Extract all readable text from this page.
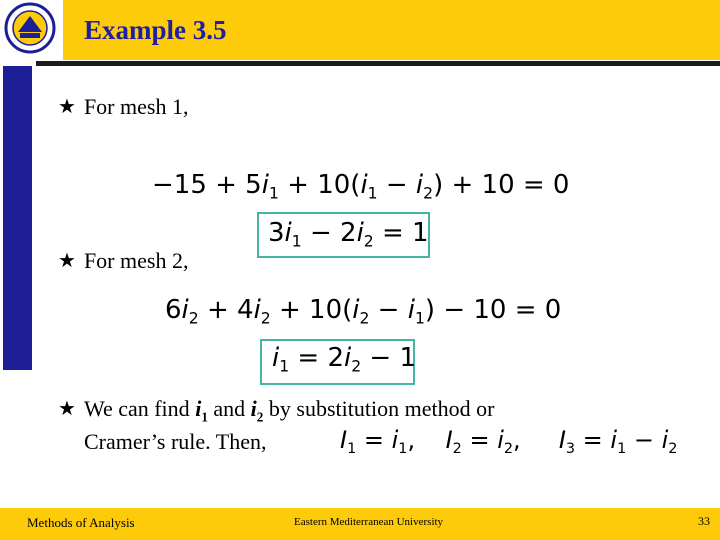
Example 3.5
★ For mesh 1,
$-15 + 5i_1 + 10(i_1 - i_2) + 10 = 0$
$3i_1 - 2i_2 = 1$
★ For mesh 2,
$6i_2 + 4i_2 + 10(i_2 - i_1) - 10 = 0$
$i_1 = 2i_2 - 1$
★ We can find $i_1$ and $i_2$ by substitution method or
Cramer’s rule. Then,	$I_1 = i_1$,    $I_2 = i_2$,     $I_3 = i_1 - i_2$
Methods of Analysis	Eastern Mediterranean University	33
